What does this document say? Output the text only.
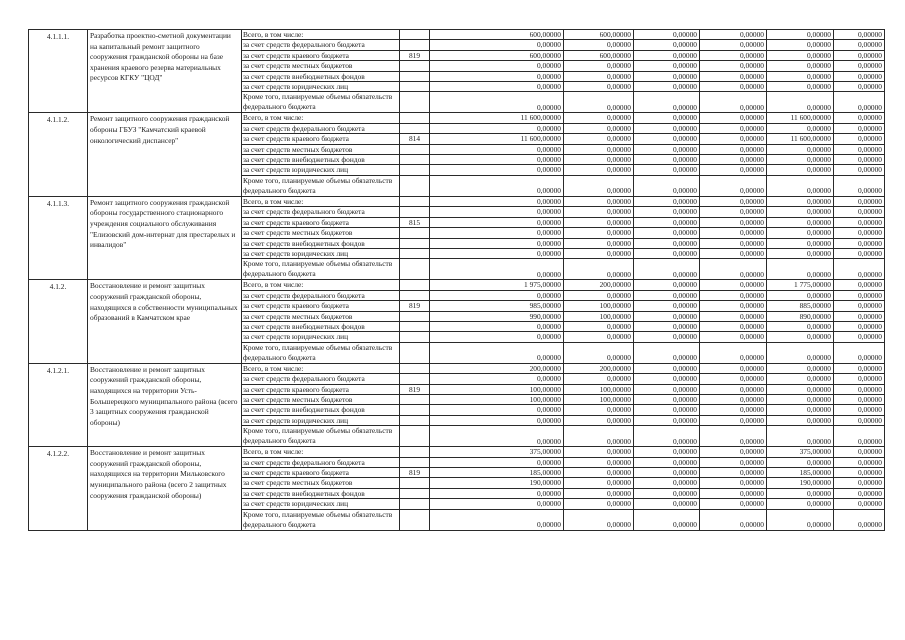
4.1.1.1.	Разработка проектно-сметной документации на капитальный ремонт защитного сооружения гражданской обороны на базе хранения краевого резерва материальных ресурсов КГКУ "ЦОД"	Всего, в том числе:		600,00000	600,00000	0,00000	0,00000	0,00000	0,00000
		за счет средств федерального бюджета		0,00000	0,00000	0,00000	0,00000	0,00000	0,00000
		за счет средств краевого бюджета	819	600,00000	600,00000	0,00000	0,00000	0,00000	0,00000
		за счет средств местных бюджетов		0,00000	0,00000	0,00000	0,00000	0,00000	0,00000
		за счет средств внебюджетных фондов		0,00000	0,00000	0,00000	0,00000	0,00000	0,00000
		за счет средств юридических лиц		0,00000	0,00000	0,00000	0,00000	0,00000	0,00000
		Кроме того, планируемые объемы обязательств федерального бюджета		0,00000	0,00000	0,00000	0,00000	0,00000	0,00000
4.1.1.2.	Ремонт защитного сооружения гражданской обороны ГБУЗ "Камчатский краевой онкологический диспансер"	Всего, в том числе:		11 600,00000	0,00000	0,00000	0,00000	11 600,00000	0,00000
		за счет средств федерального бюджета		0,00000	0,00000	0,00000	0,00000	0,00000	0,00000
		за счет средств краевого бюджета	814	11 600,00000	0,00000	0,00000	0,00000	11 600,00000	0,00000
		за счет средств местных бюджетов		0,00000	0,00000	0,00000	0,00000	0,00000	0,00000
		за счет средств внебюджетных фондов		0,00000	0,00000	0,00000	0,00000	0,00000	0,00000
		за счет средств юридических лиц		0,00000	0,00000	0,00000	0,00000	0,00000	0,00000
		Кроме того, планируемые объемы обязательств федерального бюджета		0,00000	0,00000	0,00000	0,00000	0,00000	0,00000
4.1.1.3.	Ремонт защитного сооружения гражданской обороны государственного стационарного учреждения социального обслуживания "Елизовский дом-интернат для престарелых и инвалидов"	Всего, в том числе:		0,00000	0,00000	0,00000	0,00000	0,00000	0,00000
		за счет средств федерального бюджета		0,00000	0,00000	0,00000	0,00000	0,00000	0,00000
		за счет средств краевого бюджета	815	0,00000	0,00000	0,00000	0,00000	0,00000	0,00000
		за счет средств местных бюджетов		0,00000	0,00000	0,00000	0,00000	0,00000	0,00000
		за счет средств внебюджетных фондов		0,00000	0,00000	0,00000	0,00000	0,00000	0,00000
		за счет средств юридических лиц		0,00000	0,00000	0,00000	0,00000	0,00000	0,00000
		Кроме того, планируемые объемы обязательств федерального бюджета		0,00000	0,00000	0,00000	0,00000	0,00000	0,00000
4.1.2.	Восстановление и ремонт защитных сооружений гражданской обороны, находящихся в собственности муниципальных образований в Камчатском крае	Всего, в том числе:		1 975,00000	200,00000	0,00000	0,00000	1 775,00000	0,00000
		за счет средств федерального бюджета		0,00000	0,00000	0,00000	0,00000	0,00000	0,00000
		за счет средств краевого бюджета	819	985,00000	100,00000	0,00000	0,00000	885,00000	0,00000
		за счет средств местных бюджетов		990,00000	100,00000	0,00000	0,00000	890,00000	0,00000
		за счет средств внебюджетных фондов		0,00000	0,00000	0,00000	0,00000	0,00000	0,00000
		за счет средств юридических лиц		0,00000	0,00000	0,00000	0,00000	0,00000	0,00000
		Кроме того, планируемые объемы обязательств федерального бюджета		0,00000	0,00000	0,00000	0,00000	0,00000	0,00000
4.1.2.1.	Восстановление и ремонт защитных сооружений гражданской обороны, находящихся на территории Усть-Большерецкого муниципального района (всего 3 защитных сооружения гражданской обороны)	Всего, в том числе:		200,00000	200,00000	0,00000	0,00000	0,00000	0,00000
		за счет средств федерального бюджета		0,00000	0,00000	0,00000	0,00000	0,00000	0,00000
		за счет средств краевого бюджета	819	100,00000	100,00000	0,00000	0,00000	0,00000	0,00000
		за счет средств местных бюджетов		100,00000	100,00000	0,00000	0,00000	0,00000	0,00000
		за счет средств внебюджетных фондов		0,00000	0,00000	0,00000	0,00000	0,00000	0,00000
		за счет средств юридических лиц		0,00000	0,00000	0,00000	0,00000	0,00000	0,00000
		Кроме того, планируемые объемы обязательств федерального бюджета		0,00000	0,00000	0,00000	0,00000	0,00000	0,00000
4.1.2.2.	Восстановление и ремонт защитных сооружений гражданской обороны, находящихся на территории Мильковского муниципального района (всего 2 защитных сооружения гражданской обороны)	Всего, в том числе:		375,00000	0,00000	0,00000	0,00000	375,00000	0,00000
		за счет средств федерального бюджета		0,00000	0,00000	0,00000	0,00000	0,00000	0,00000
		за счет средств краевого бюджета	819	185,00000	0,00000	0,00000	0,00000	185,00000	0,00000
		за счет средств местных бюджетов		190,00000	0,00000	0,00000	0,00000	190,00000	0,00000
		за счет средств внебюджетных фондов		0,00000	0,00000	0,00000	0,00000	0,00000	0,00000
		за счет средств юридических лиц		0,00000	0,00000	0,00000	0,00000	0,00000	0,00000
		Кроме того, планируемые объемы обязательств федерального бюджета		0,00000	0,00000	0,00000	0,00000	0,00000	0,00000
